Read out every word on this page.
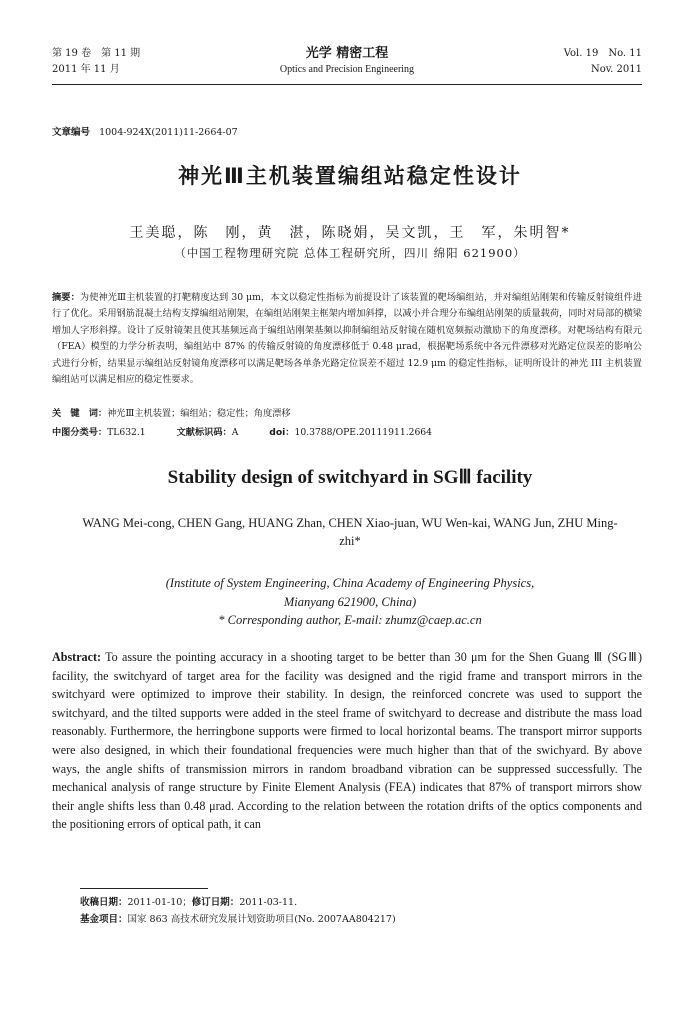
第 19 卷　第 11 期
2011 年 11 月
光学 精密工程
Optics and Precision Engineering
Vol. 19　No. 11
Nov. 2011
文章编号 1004-924X(2011)11-2664-07
神光Ⅲ主机装置编组站稳定性设计
王美聪，陈　刚，黄　湛，陈晓娟，吴文凯，王　军，朱明智*
（中国工程物理研究院 总体工程研究所，四川 绵阳 621900）
摘要：为使神光Ⅲ主机装置的打靶精度达到 30 μm，本文以稳定性指标为前提设计了该装置的靶场编组站，并对编组站刚架和传输反射镜组件进行了优化。采用钢筋混凝土结构支撑编组站刚架，在编组站刚架主框架内增加斜撑，以减小并合理分布编组站刚架的质量载荷，同时对局部的横梁增加人字形斜撑。设计了反射镜架且使其基频远高于编组站刚架基频以抑制编组站反射镜在随机宽频振动激励下的角度漂移。对靶场结构有限元（FEA）模型的力学分析表明，编组站中 87% 的传输反射镜的角度漂移低于 0.48 μrad，根据靶场系统中各元件漂移对光路定位误差的影响公式进行分析，结果显示编组站反射镜角度漂移可以满足靶场各单条光路定位误差不超过 12.9 μm 的稳定性指标，证明所设计的神光 III 主机装置编组站可以满足相应的稳定性要求。
关　键　词：神光Ⅲ主机装置；编组站；稳定性；角度漂移
中图分类号：TL632.1	文献标识码：A	doi：10.3788/OPE.20111911.2664
Stability design of switchyard in SGⅢ facility
WANG Mei-cong, CHEN Gang, HUANG Zhan, CHEN Xiao-juan, WU Wen-kai, WANG Jun, ZHU Ming-zhi*
(Institute of System Engineering, China Academy of Engineering Physics,
Mianyang 621900, China)
* Corresponding author, E-mail: zhumz@caep.ac.cn
Abstract: To assure the pointing accuracy in a shooting target to be better than 30 μm for the Shen Guang Ⅲ (SGⅢ) facility, the switchyard of target area for the facility was designed and the rigid frame and transport mirrors in the switchyard were optimized to improve their stability. In design, the reinforced concrete was used to support the switchyard, and the tilted supports were added in the steel frame of switchyard to decrease and distribute the mass load reasonably. Furthermore, the herringbone supports were firmed to local horizontal beams. The transport mirror supports were also designed, in which their foundational frequencies were much higher than that of the swichyard. By above ways, the angle shifts of transmission mirrors in random broadband vibration can be suppressed successfully. The mechanical analysis of range structure by Finite Element Analysis (FEA) indicates that 87% of transport mirrors show their angle shifts less than 0.48 μrad. According to the relation between the rotation drifts of the optics components and the positioning errors of optical path, it can
收稿日期：2011-01-10；修订日期：2011-03-11.
基金项目：国家 863 高技术研究发展计划资助项目(No. 2007AA804217)
